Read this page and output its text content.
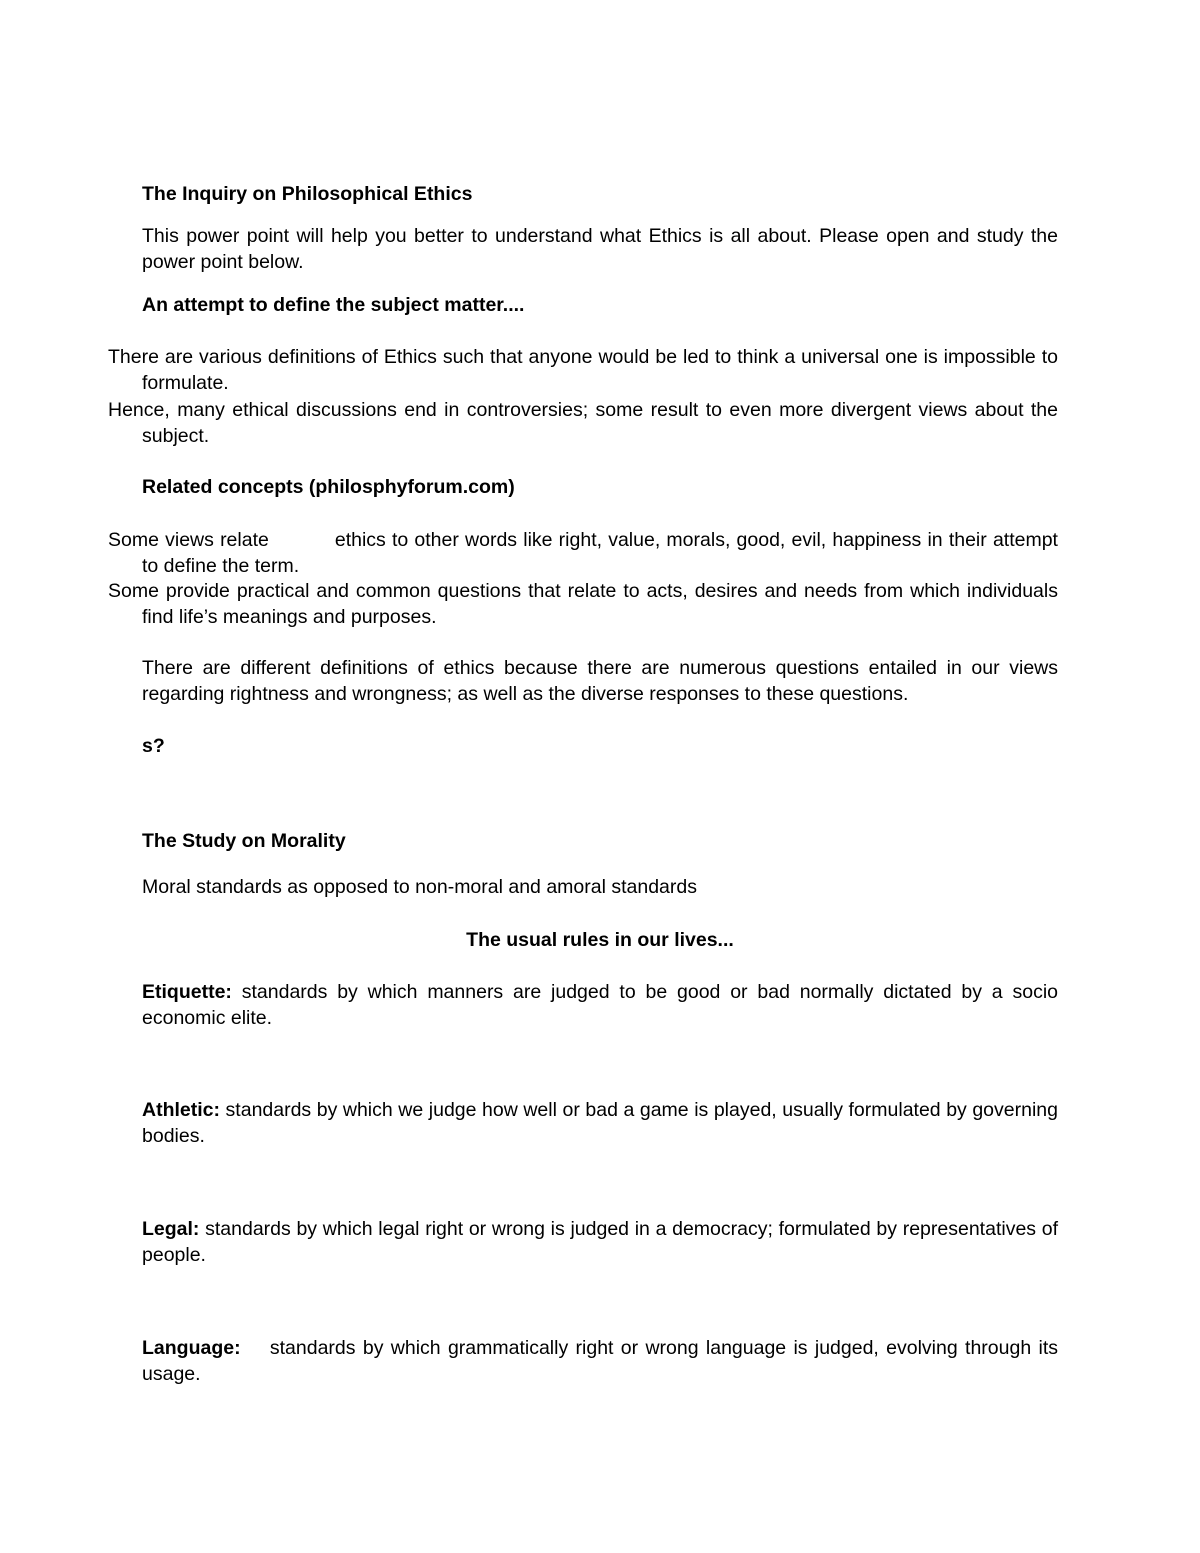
The Inquiry on Philosophical Ethics

This power point will help you better to understand what Ethics is all about. Please open and study the power point below.

An attempt to define the subject matter....

There are various definitions of Ethics such that anyone would be led to think a universal one is impossible to formulate.

Hence, many ethical discussions end in controversies; some result to even more divergent views about the subject.

Related concepts (philosphyforum.com)

Some views relate	ethics to other words like right, value, morals, good, evil, happiness in their attempt to define the term.

Some provide practical and common questions that relate to acts, desires and needs from which individuals find life’s meanings and purposes.

There are different definitions of ethics because there are numerous questions entailed in our views regarding rightness and wrongness; as well as the diverse responses to these questions.

s?

The Study on Morality

Moral standards as opposed to non-moral and amoral standards

The usual rules in our lives...

Etiquette: standards by which manners are judged to be good or bad normally dictated by a socio economic elite.

Athletic: standards by which we judge how well or bad a game is played, usually formulated by governing bodies.

Legal: standards by which legal right or wrong is judged in a democracy; formulated by representatives of people.

Language:    standards by which grammatically right or wrong language is judged, evolving through its usage.
